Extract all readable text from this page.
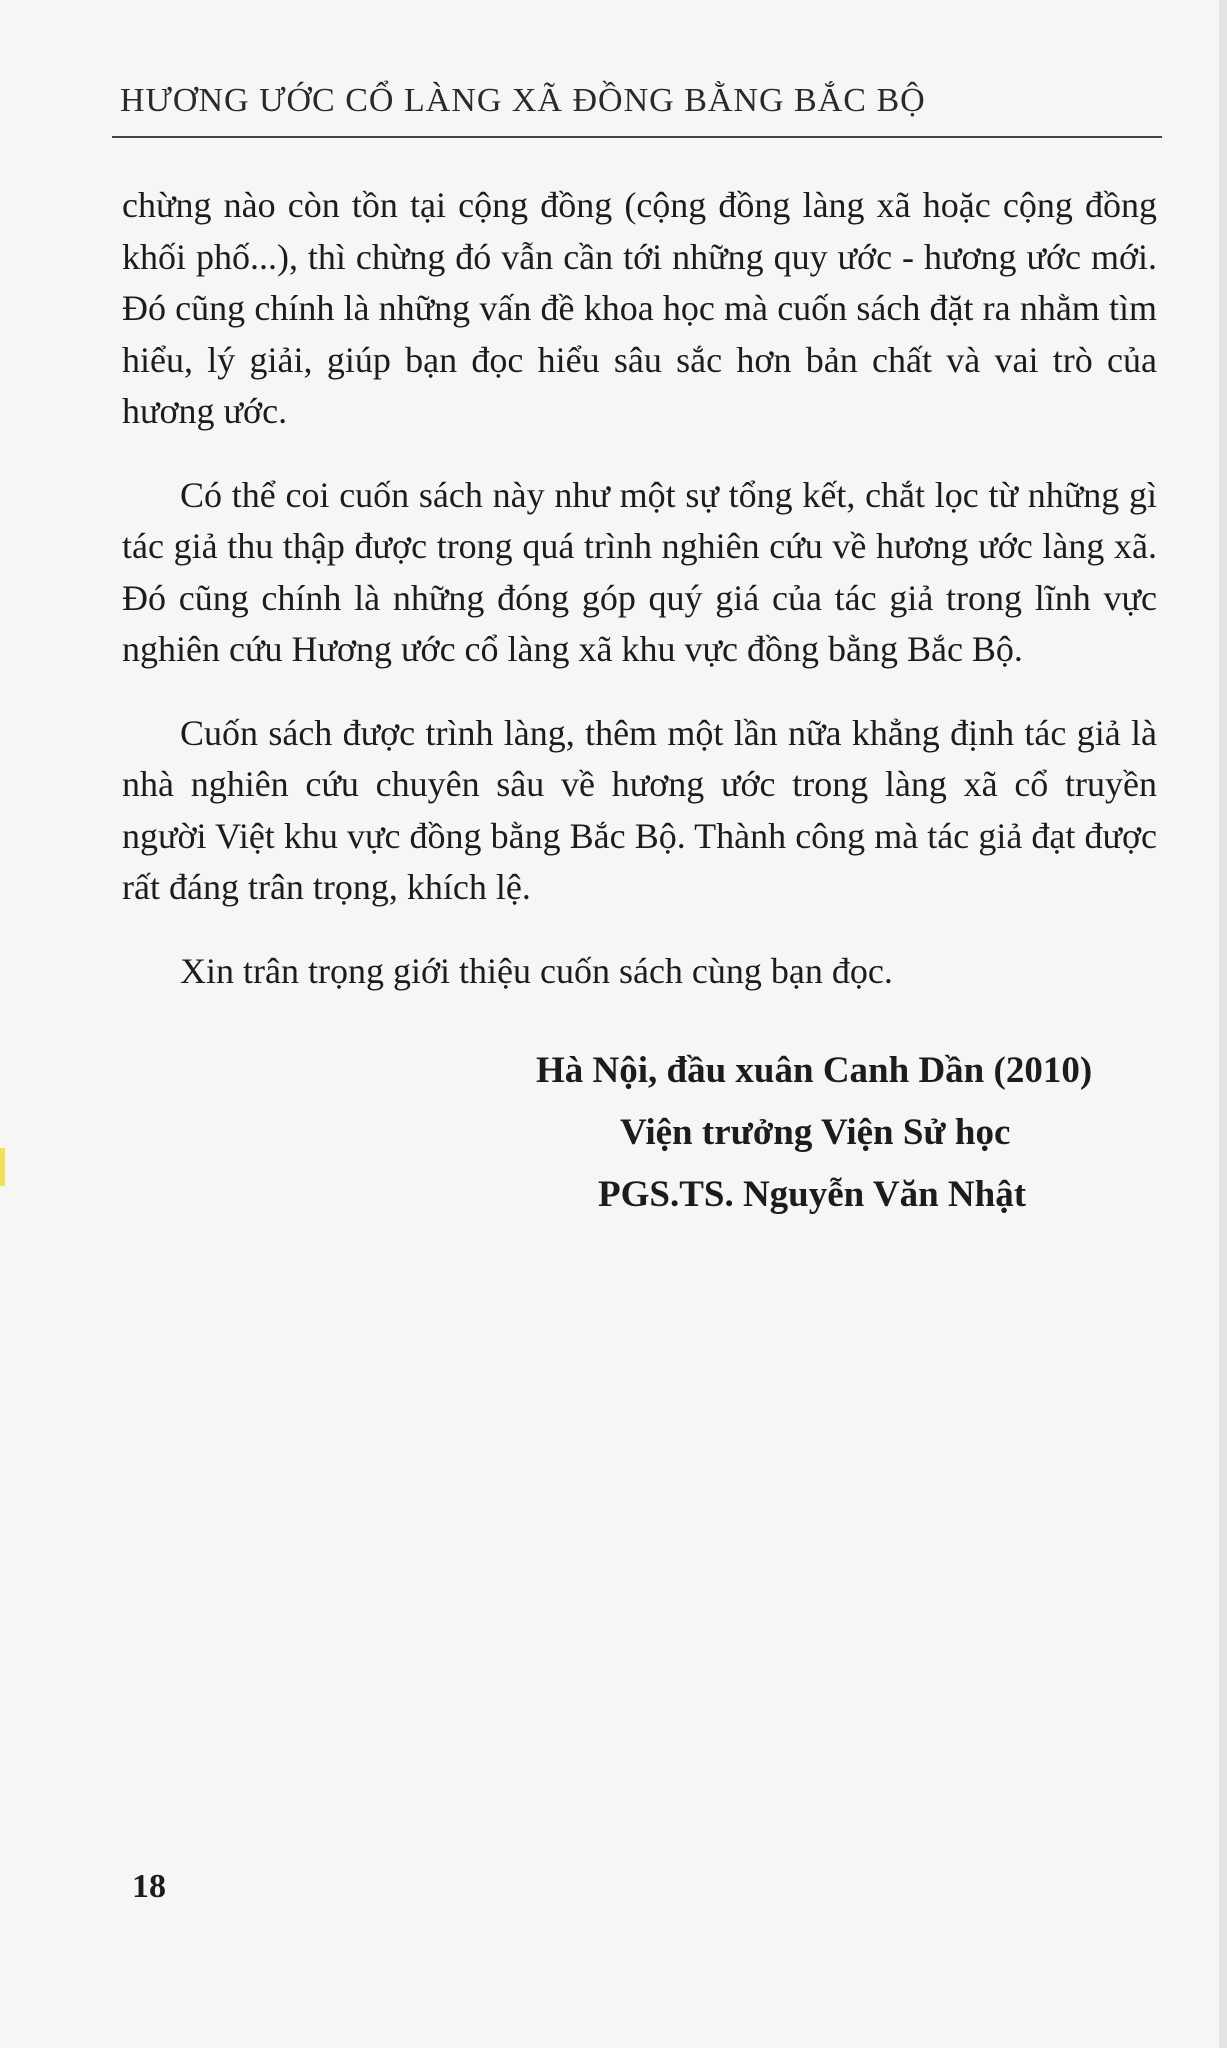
HƯƠNG ƯỚC CỔ LÀNG XÃ ĐỒNG BẰNG BẮC BỘ

chừng nào còn tồn tại cộng đồng (cộng đồng làng xã hoặc cộng đồng khối phố...), thì chừng đó vẫn cần tới những quy ước - hương ước mới. Đó cũng chính là những vấn đề khoa học mà cuốn sách đặt ra nhằm tìm hiểu, lý giải, giúp bạn đọc hiểu sâu sắc hơn bản chất và vai trò của hương ước.

Có thể coi cuốn sách này như một sự tổng kết, chắt lọc từ những gì tác giả thu thập được trong quá trình nghiên cứu về hương ước làng xã. Đó cũng chính là những đóng góp quý giá của tác giả trong lĩnh vực nghiên cứu Hương ước cổ làng xã khu vực đồng bằng Bắc Bộ.

Cuốn sách được trình làng, thêm một lần nữa khẳng định tác giả là nhà nghiên cứu chuyên sâu về hương ước trong làng xã cổ truyền người Việt khu vực đồng bằng Bắc Bộ. Thành công mà tác giả đạt được rất đáng trân trọng, khích lệ.

Xin trân trọng giới thiệu cuốn sách cùng bạn đọc.

Hà Nội, đầu xuân Canh Dần (2010)
Viện trưởng Viện Sử học
PGS.TS. Nguyễn Văn Nhật
18
